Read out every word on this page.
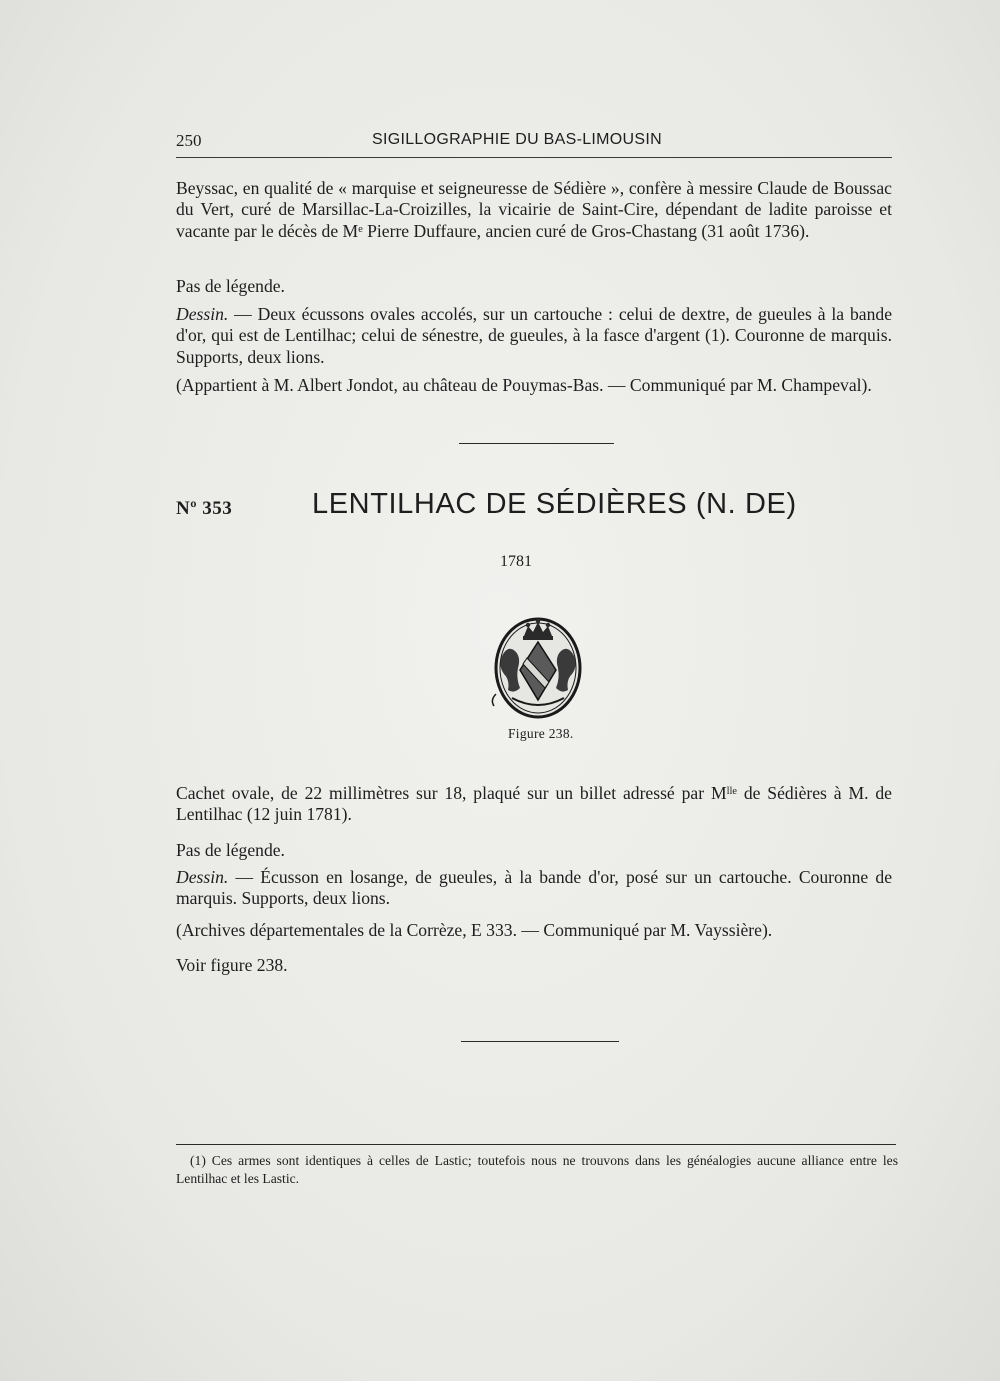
250	SIGILLOGRAPHIE DU BAS-LIMOUSIN

Beyssac, en qualité de « marquise et seigneuresse de Sédière », confère à messire Claude de Boussac du Vert, curé de Marsillac-La-Croizilles, la vicairie de Saint-Cire, dépendant de ladite paroisse et vacante par le décès de Mᵉ Pierre Duffaure, ancien curé de Gros-Chastang (31 août 1736).

Pas de légende.

Dessin. — Deux écussons ovales accolés, sur un cartouche : celui de dextre, de gueules à la bande d'or, qui est de Lentilhac; celui de sénestre, de gueules, à la fasce d'argent (1). Couronne de marquis. Supports, deux lions.

(Appartient à M. Albert Jondot, au château de Pouymas-Bas. — Communiqué par M. Champeval).

Nº 353	LENTILHAC DE SÉDIÈRES (N. DE)
1781
Figure 238.

Cachet ovale, de 22 millimètres sur 18, plaqué sur un billet adressé par Mˡˡᵉ de Sédières à M. de Lentilhac (12 juin 1781).

Pas de légende.

Dessin. — Écusson en losange, de gueules, à la bande d'or, posé sur un cartouche. Couronne de marquis. Supports, deux lions.

(Archives départementales de la Corrèze, E 333. — Communiqué par M. Vayssière).

Voir figure 238.

(1) Ces armes sont identiques à celles de Lastic; toutefois nous ne trouvons dans les généalogies aucune alliance entre les Lentilhac et les Lastic.
